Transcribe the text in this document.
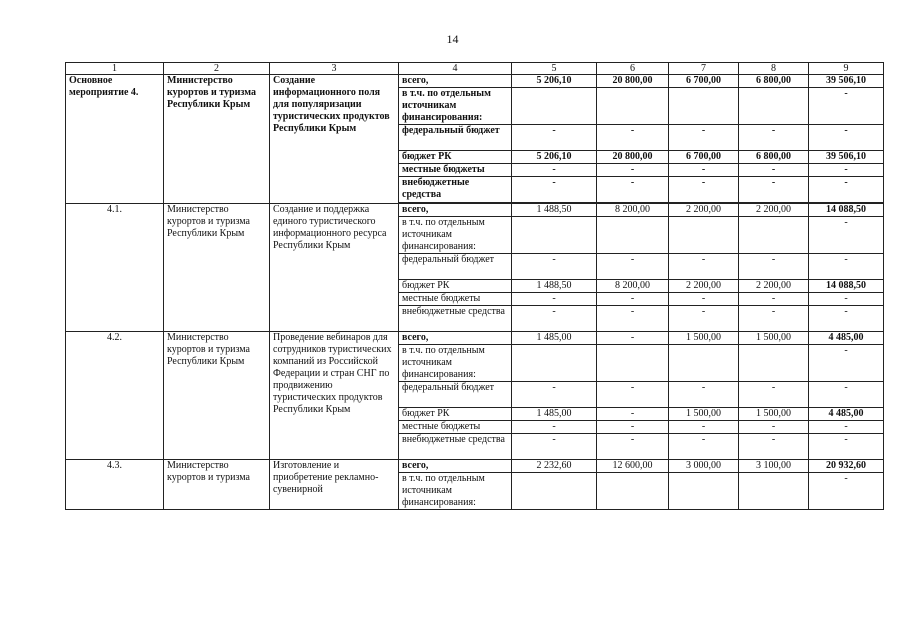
14
1	2	3	4	5	6	7	8	9
Основное мероприятие 4.	Министерство курортов и туризма Республики Крым	Создание информационного поля для популяризации туристических продуктов Республики Крым	всего,	5 206,10	20 800,00	6 700,00	6 800,00	39 506,10
			в т.ч. по отдельным источникам финансирования:					-
			федеральный бюджет	-	-	-	-	-
			бюджет РК	5 206,10	20 800,00	6 700,00	6 800,00	39 506,10
			местные бюджеты	-	-	-	-	-
			внебюджетные средства	-	-	-	-	-

4.1.	Министерство курортов и туризма Республики Крым	Создание и поддержка единого туристического информационного ресурса Республики Крым	всего,	1 488,50	8 200,00	2 200,00	2 200,00	14 088,50
			в т.ч. по отдельным источникам финансирования:					-
			федеральный бюджет	-	-	-	-	-
			бюджет РК	1 488,50	8 200,00	2 200,00	2 200,00	14 088,50
			местные бюджеты	-	-	-	-	-
			внебюджетные средства	-	-	-	-	-
4.2.	Министерство курортов и туризма Республики Крым	Проведение вебинаров для сотрудников туристических компаний из Российской Федерации и стран СНГ по продвижению туристических продуктов Республики Крым	всего,	1 485,00	-	1 500,00	1 500,00	4 485,00
			в т.ч. по отдельным источникам финансирования:					-
			федеральный бюджет	-	-	-	-	-
			бюджет РК	1 485,00	-	1 500,00	1 500,00	4 485,00
			местные бюджеты	-	-	-	-	-
			внебюджетные средства	-	-	-	-	-
4.3.	Министерство курортов и туризма	Изготовление и приобретение рекламно-сувенирной	всего,	2 232,60	12 600,00	3 000,00	3 100,00	20 932,60
			в т.ч. по отдельным источникам финансирования:					-
